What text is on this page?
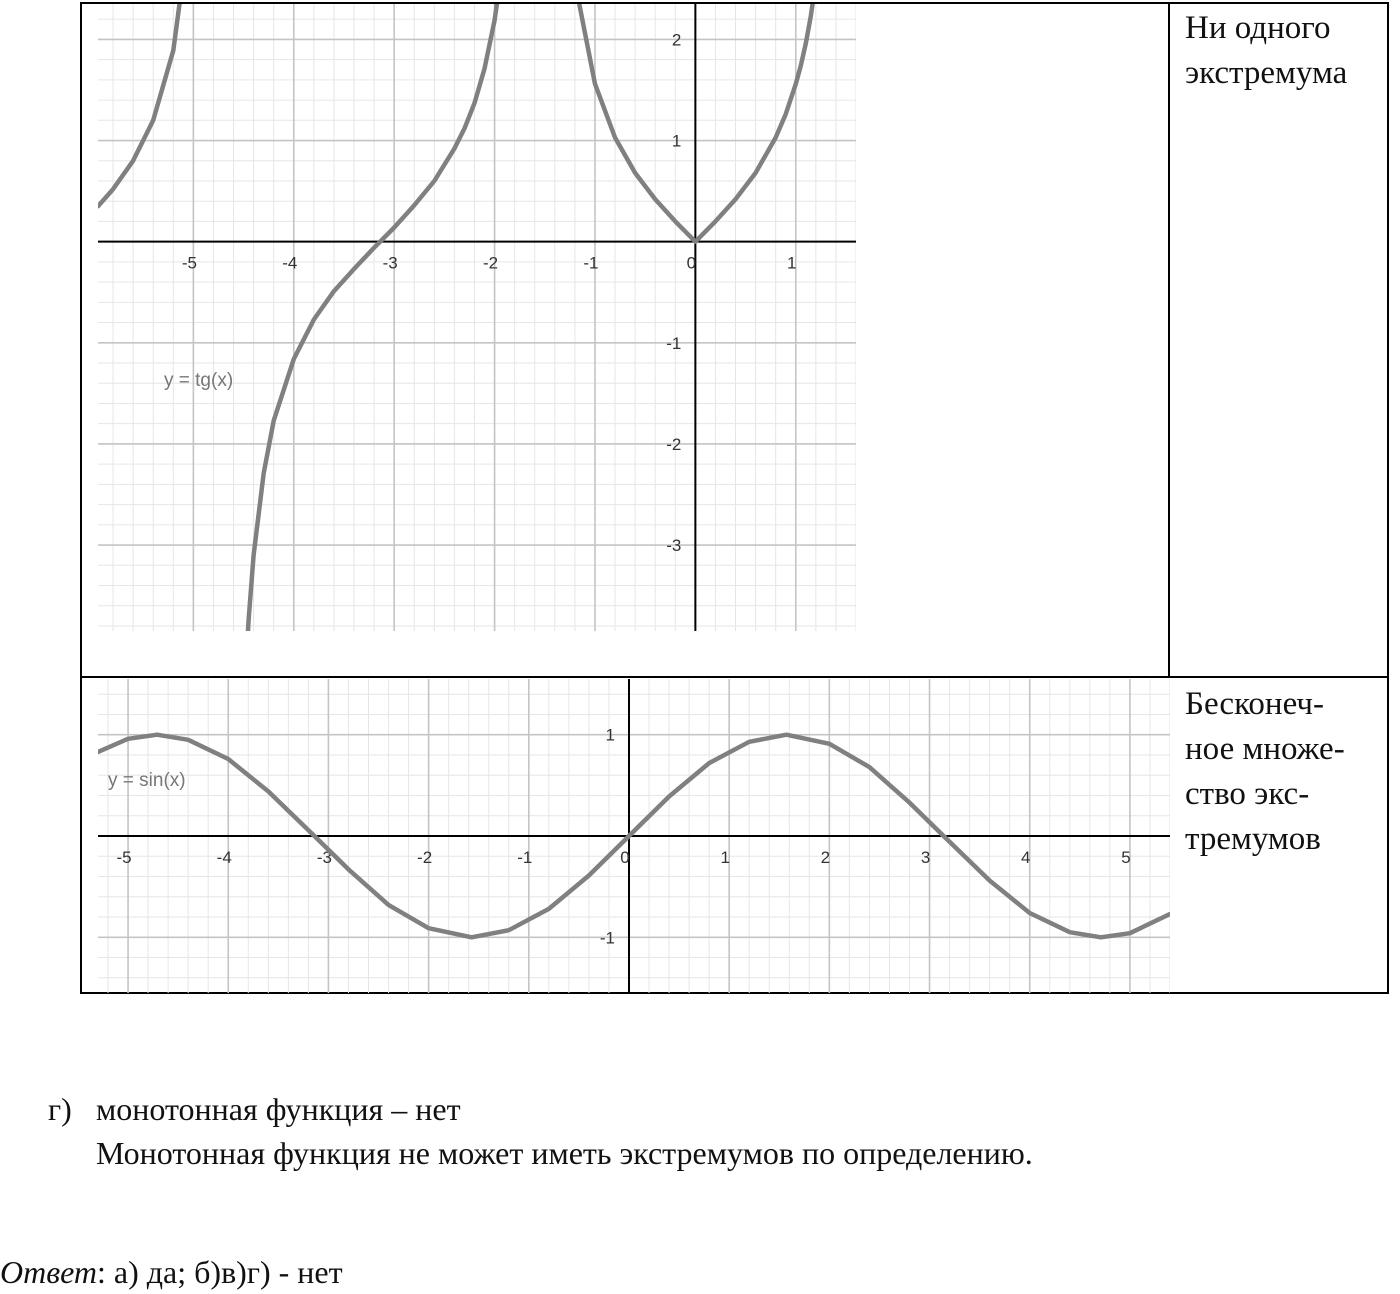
-5	-4	-3	-2	-1	0	1
2
1
-1
-2
-3
y = tg(x)
Ни одного
экстремума
-5	-4	-3	-2	-1	0	1	2	3	4	5
1
-1
y = sin(x)
Бесконеч-
ное множе-
ство экс-
тремумов
г) монотонная функция – нет
Монотонная функция не может иметь экстремумов по определению.
Ответ: а) да; б)в)г) - нет
